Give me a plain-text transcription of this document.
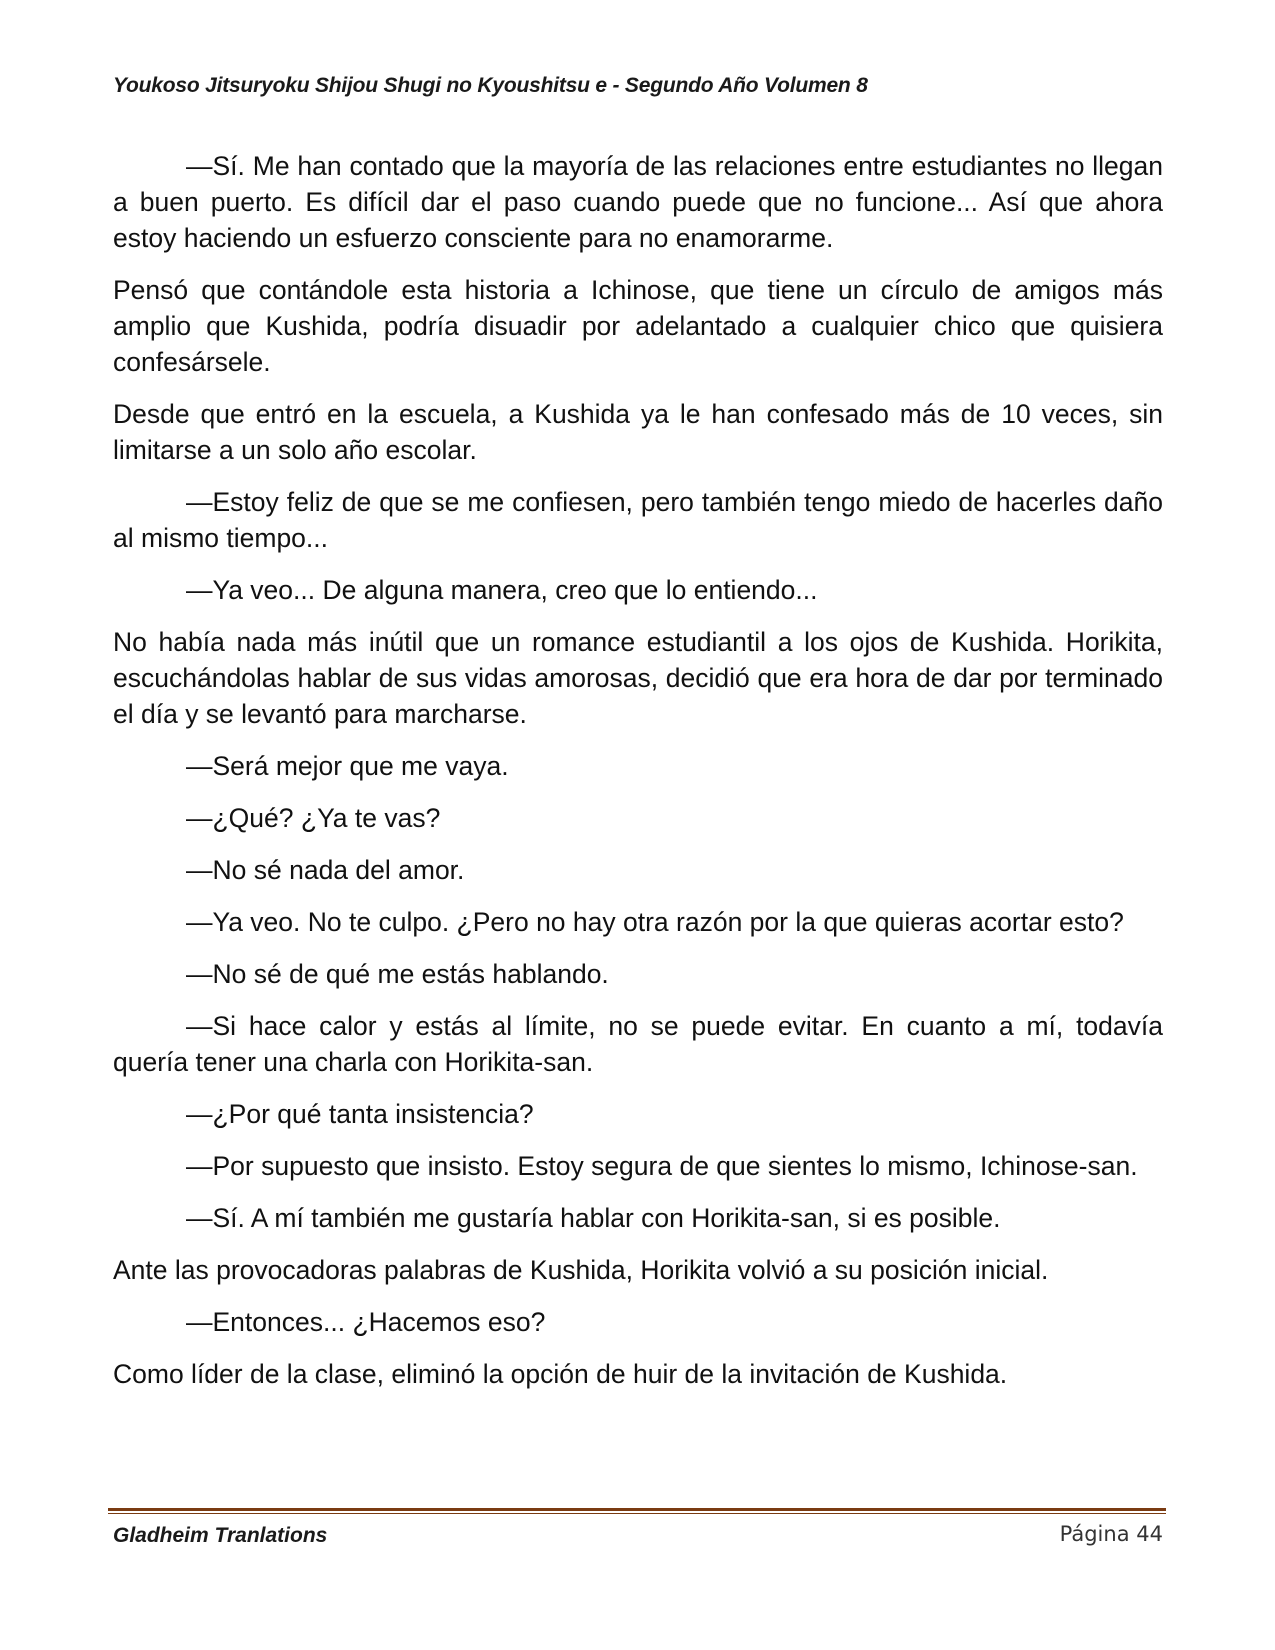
Youkoso Jitsuryoku Shijou Shugi no Kyoushitsu e - Segundo Año Volumen 8

—Sí. Me han contado que la mayoría de las relaciones entre estudiantes no llegan a buen puerto. Es difícil dar el paso cuando puede que no funcione... Así que ahora estoy haciendo un esfuerzo consciente para no enamorarme.

Pensó que contándole esta historia a Ichinose, que tiene un círculo de amigos más amplio que Kushida, podría disuadir por adelantado a cualquier chico que quisiera confesársele.

Desde que entró en la escuela, a Kushida ya le han confesado más de 10 veces, sin limitarse a un solo año escolar.

—Estoy feliz de que se me confiesen, pero también tengo miedo de hacerles daño al mismo tiempo...

—Ya veo... De alguna manera, creo que lo entiendo...

No había nada más inútil que un romance estudiantil a los ojos de Kushida. Horikita, escuchándolas hablar de sus vidas amorosas, decidió que era hora de dar por terminado el día y se levantó para marcharse.

—Será mejor que me vaya.

—¿Qué? ¿Ya te vas?

—No sé nada del amor.

—Ya veo. No te culpo. ¿Pero no hay otra razón por la que quieras acortar esto?

—No sé de qué me estás hablando.

—Si hace calor y estás al límite, no se puede evitar. En cuanto a mí, todavía quería tener una charla con Horikita-san.

—¿Por qué tanta insistencia?

—Por supuesto que insisto. Estoy segura de que sientes lo mismo, Ichinose-san.

—Sí. A mí también me gustaría hablar con Horikita-san, si es posible.

Ante las provocadoras palabras de Kushida, Horikita volvió a su posición inicial.

—Entonces... ¿Hacemos eso?

Como líder de la clase, eliminó la opción de huir de la invitación de Kushida.

Gladheim Tranlations	Página 44
